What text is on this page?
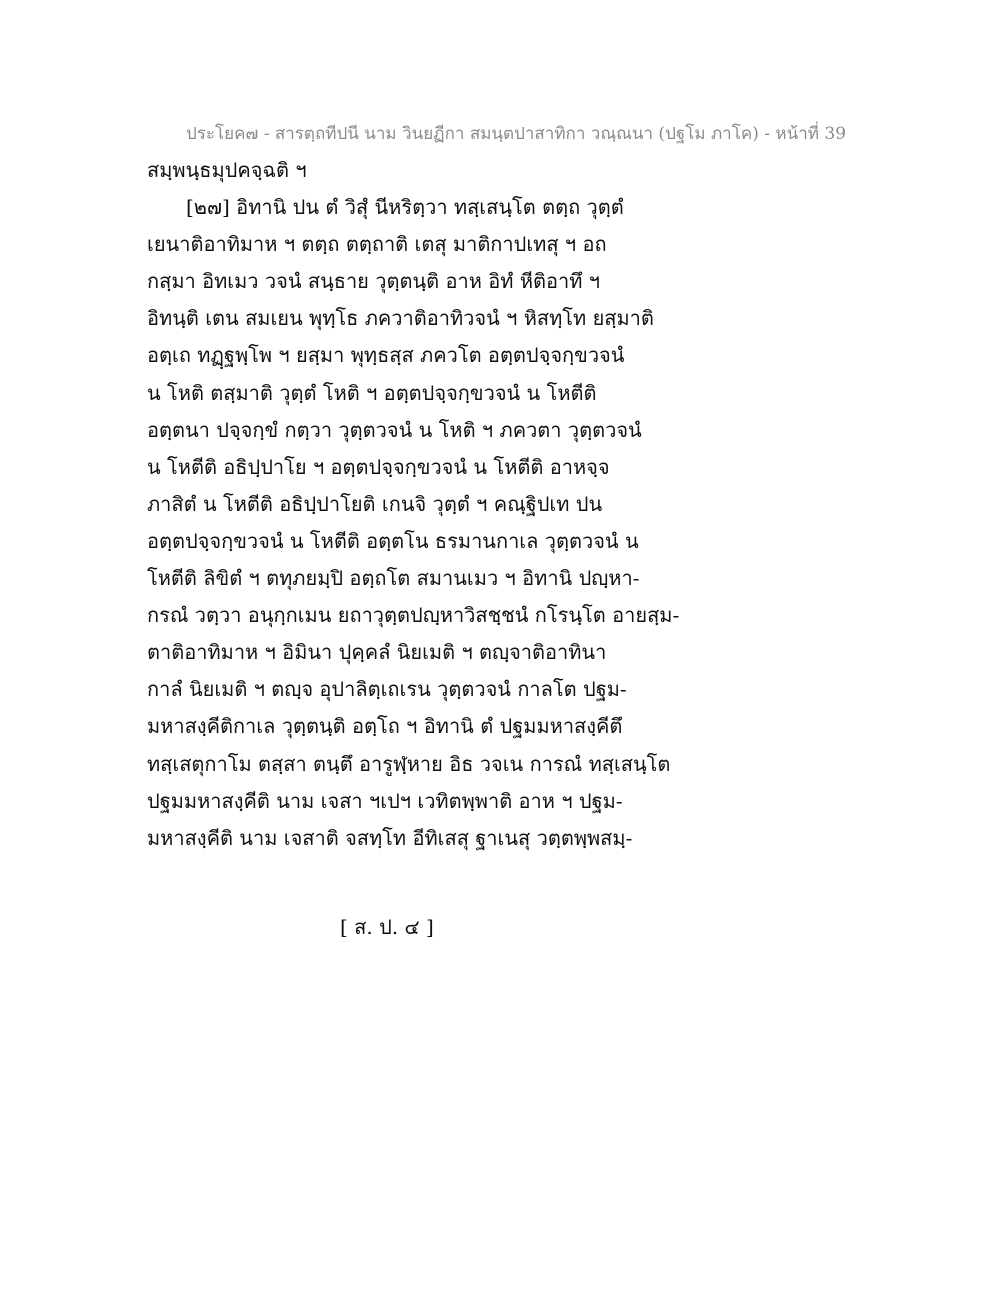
ประโยค๗ - สารตฺถทีปนี นาม วินยฏีกา สมนฺตปาสาทิกา วณฺณนา (ปฐโม ภาโค) - หน้าที่ 39
สมฺพนฺธมุปคจฺฉติ ฯ
[๒๗] อิทานิ ปน ตํ วิสุํ นีหริตฺวา ทสฺเสนฺโต ตตฺถ วุตฺตํ
เยนาติอาทิมาห ฯ ตตฺถ ตตฺถาติ เตสุ มาติกาปเทสุ ฯ อถ
กสฺมา อิทเมว วจนํ สนฺธาย วุตฺตนฺติ อาห อิทํ หีติอาทึ ฯ
อิทนฺติ เตน สมเยน พุทฺโธ ภควาติอาทิวจนํ ฯ หิสทฺโท ยสฺมาติ
อตฺเถ ทฏฺฐพฺโพ ฯ ยสฺมา พุทฺธสฺส ภควโต อตฺตปจฺจกฺขวจนํ
น โหติ ตสฺมาติ วุตฺตํ โหติ ฯ อตฺตปจฺจกฺขวจนํ น โหตีติ
อตฺตนา ปจฺจกฺขํ กตฺวา วุตฺตวจนํ น โหติ ฯ ภควตา วุตฺตวจนํ
น โหตีติ อธิปฺปาโย ฯ อตฺตปจฺจกฺขวจนํ น โหตีติ อาหจฺจ
ภาสิตํ น โหตีติ อธิปฺปาโยติ เกนจิ วุตฺตํ ฯ คณฺฐิปเท ปน
อตฺตปจฺจกฺขวจนํ น โหตีติ อตฺตโน ธรมานกาเล วุตฺตวจนํ น
โหตีติ ลิขิตํ ฯ ตทุภยมฺปิ อตฺถโต สมานเมว ฯ อิทานิ ปญฺหา-
กรณํ วตฺวา อนุกฺกเมน ยถาวุตฺตปญฺหาวิสชฺชนํ กโรนฺโต อายสฺม-
ตาติอาทิมาห ฯ อิมินา ปุคฺคลํ นิยเมติ ฯ ตญฺจาติอาทินา
กาลํ นิยเมติ ฯ ตญฺจ อุปาลิตฺเถเรน วุตฺตวจนํ กาลโต ปฐม-
มหาสงฺคีติกาเล วุตฺตนฺติ อตฺโถ ฯ อิทานิ ตํ ปฐมมหาสงฺคีตึ
ทสฺเสตุกาโม ตสฺสา ตนฺตึ อารูฬฺหาย อิธ วจเน การณํ ทสฺเสนฺโต
ปฐมมหาสงฺคีติ นาม เจสา ฯเปฯ เวทิตพฺพาติ อาห ฯ ปฐม-
มหาสงฺคีติ นาม เจสาติ จสทฺโท อีทิเสสุ ฐาเนสุ วตฺตพฺพสมฺ-
[ ส. ป. ๔ ]
